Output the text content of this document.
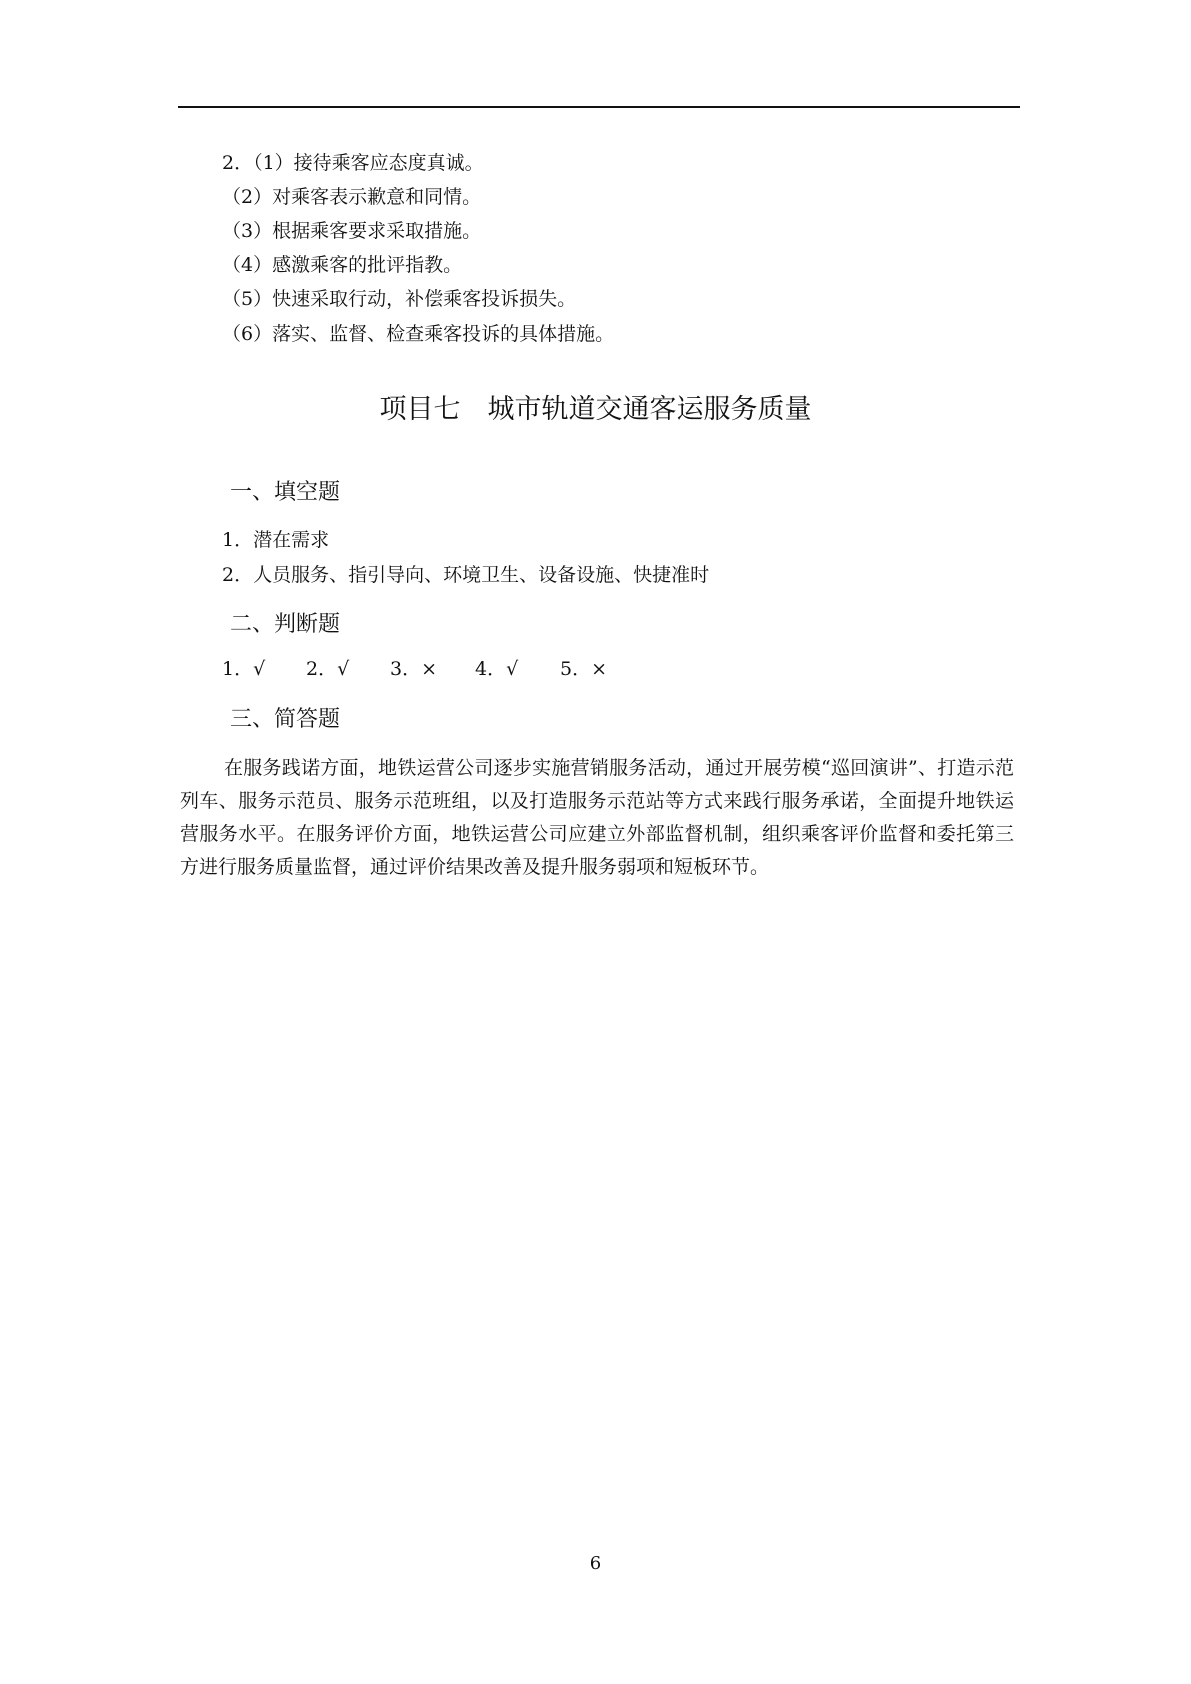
2．（1）接待乘客应态度真诚。
（2）对乘客表示歉意和同情。
（3）根据乘客要求采取措施。
（4）感激乘客的批评指教。
（5）快速采取行动，补偿乘客投诉损失。
（6）落实、监督、检查乘客投诉的具体措施。
项目七　城市轨道交通客运服务质量
一、填空题
1．潜在需求
2．人员服务、指引导向、环境卫生、设备设施、快捷准时
二、判断题
1．√ 2．√ 3．× 4．√ 5．×
三、简答题
在服务践诺方面，地铁运营公司逐步实施营销服务活动，通过开展劳模“巡回演讲”、打造示范列车、服务示范员、服务示范班组，以及打造服务示范站等方式来践行服务承诺，全面提升地铁运营服务水平。在服务评价方面，地铁运营公司应建立外部监督机制，组织乘客评价监督和委托第三方进行服务质量监督，通过评价结果改善及提升服务弱项和短板环节。
6
